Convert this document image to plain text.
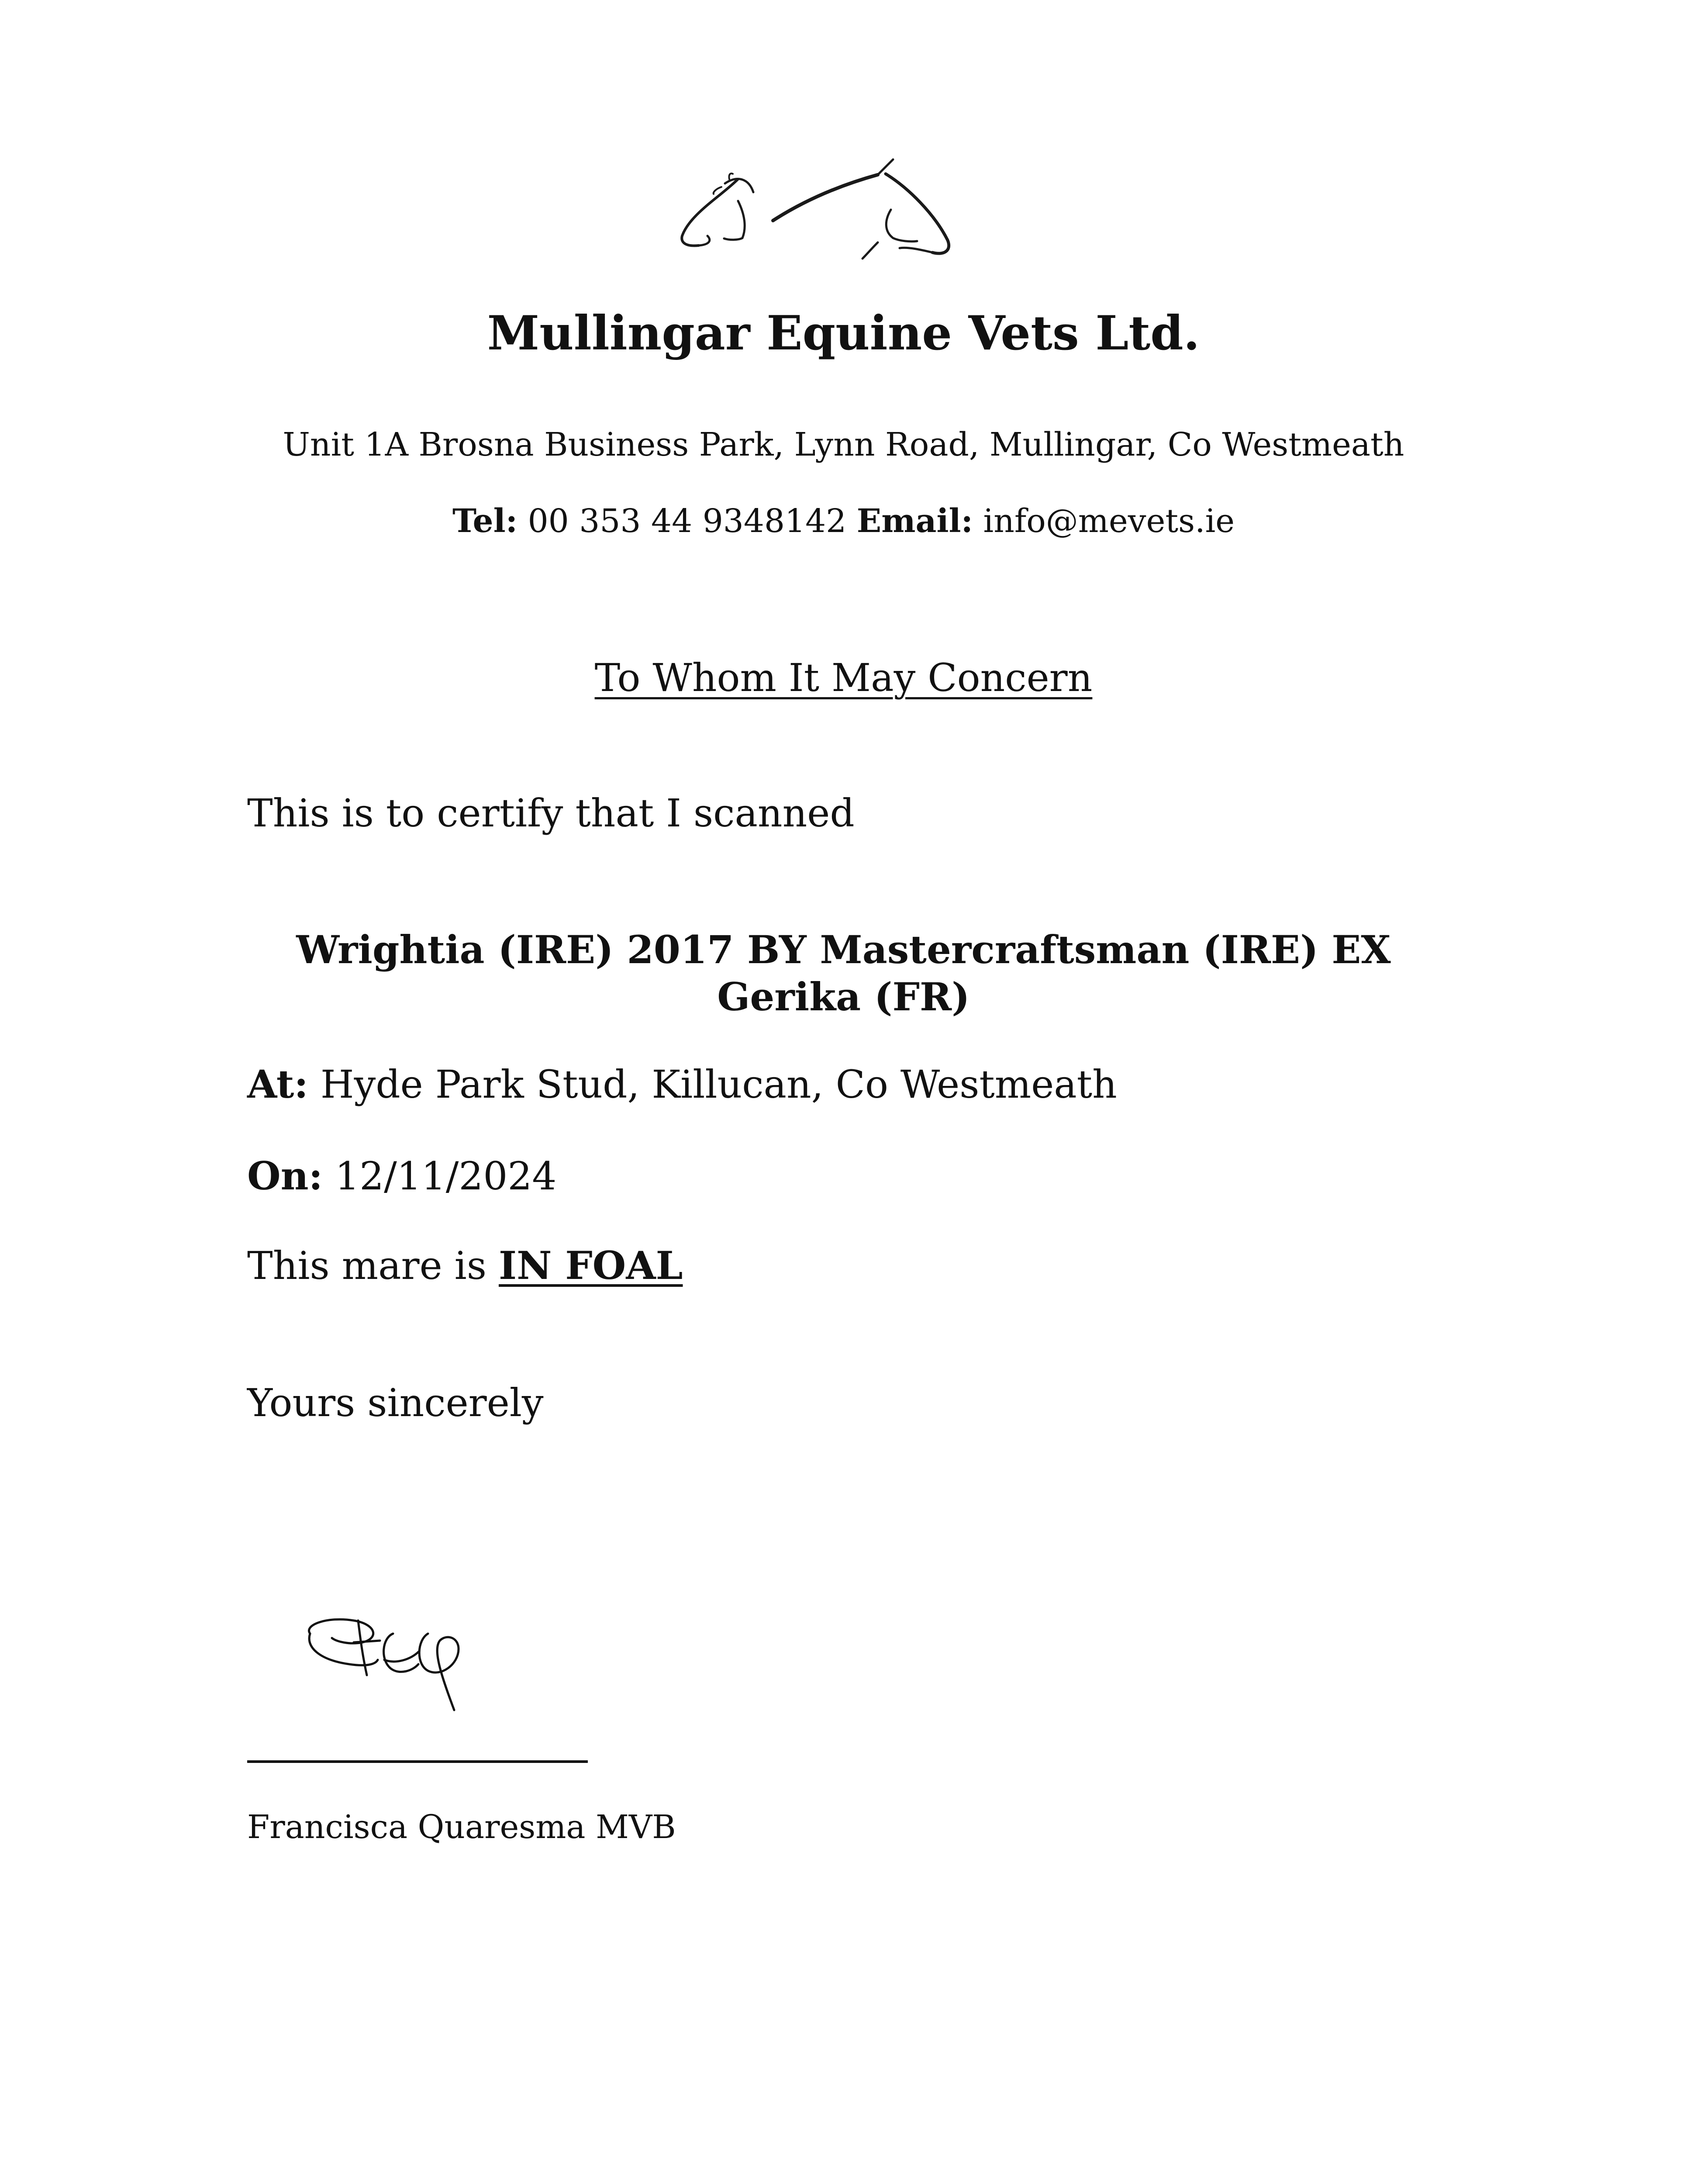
Mullingar Equine Vets Ltd.
Unit 1A Brosna Business Park, Lynn Road, Mullingar, Co Westmeath
Tel: 00 353 44 9348142 Email: info@mevets.ie
To Whom It May Concern
This is to certify that I scanned
Wrightia (IRE) 2017 BY Mastercraftsman (IRE) EX Gerika (FR)
At: Hyde Park Stud, Killucan, Co Westmeath
On: 12/11/2024
This mare is IN FOAL
Yours sincerely
Francisca Quaresma MVB
